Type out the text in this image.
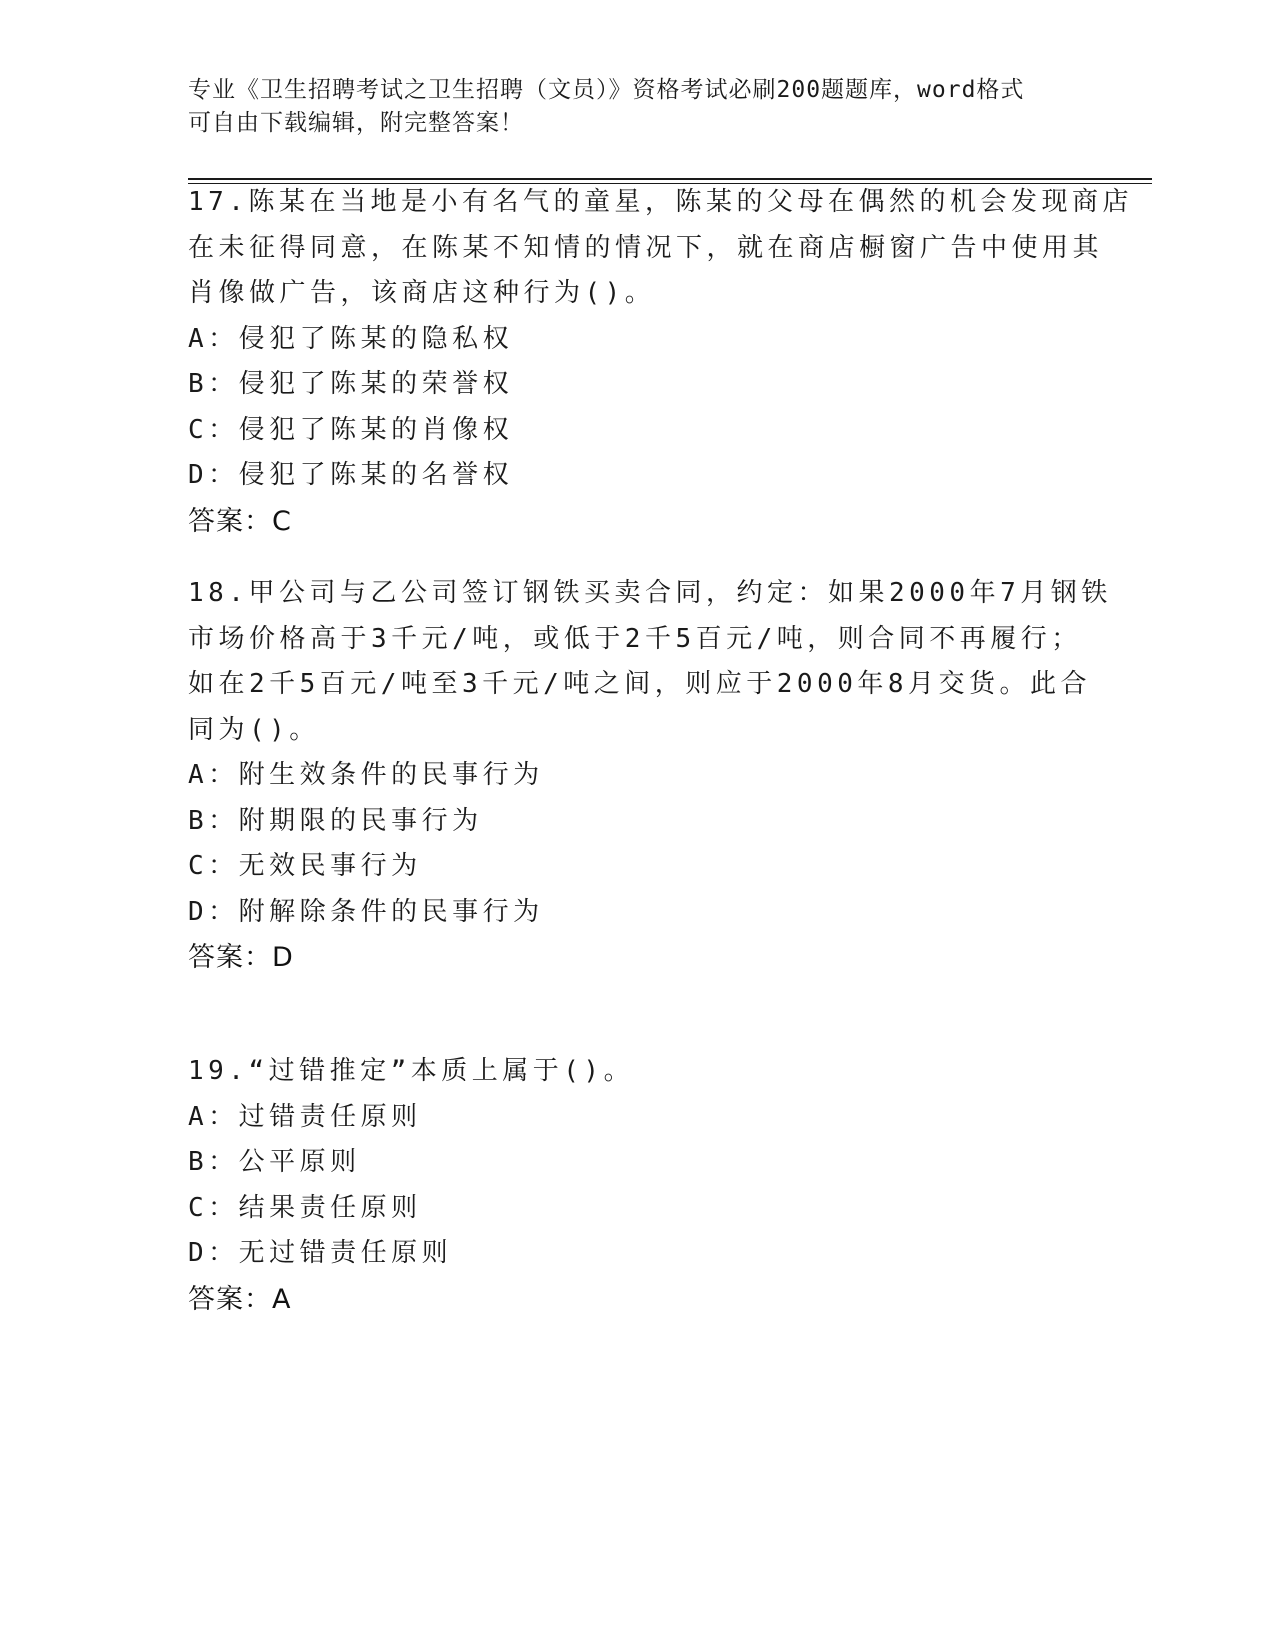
专业《卫生招聘考试之卫生招聘（文员）》资格考试必刷200题题库，word格式
可自由下载编辑，附完整答案！

17.陈某在当地是小有名气的童星，陈某的父母在偶然的机会发现商店
在未征得同意，在陈某不知情的情况下，就在商店橱窗广告中使用其
肖像做广告，该商店这种行为()。

A：侵犯了陈某的隐私权

B：侵犯了陈某的荣誉权

C：侵犯了陈某的肖像权

D：侵犯了陈某的名誉权

答案：C

18.甲公司与乙公司签订钢铁买卖合同，约定：如果2000年7月钢铁
市场价格高于3千元/吨，或低于2千5百元/吨，则合同不再履行；
如在2千5百元/吨至3千元/吨之间，则应于2000年8月交货。此合
同为()。

A：附生效条件的民事行为

B：附期限的民事行为

C：无效民事行为

D：附解除条件的民事行为

答案：D

19.“过错推定”本质上属于()。

A：过错责任原则

B：公平原则

C：结果责任原则

D：无过错责任原则

答案：A
